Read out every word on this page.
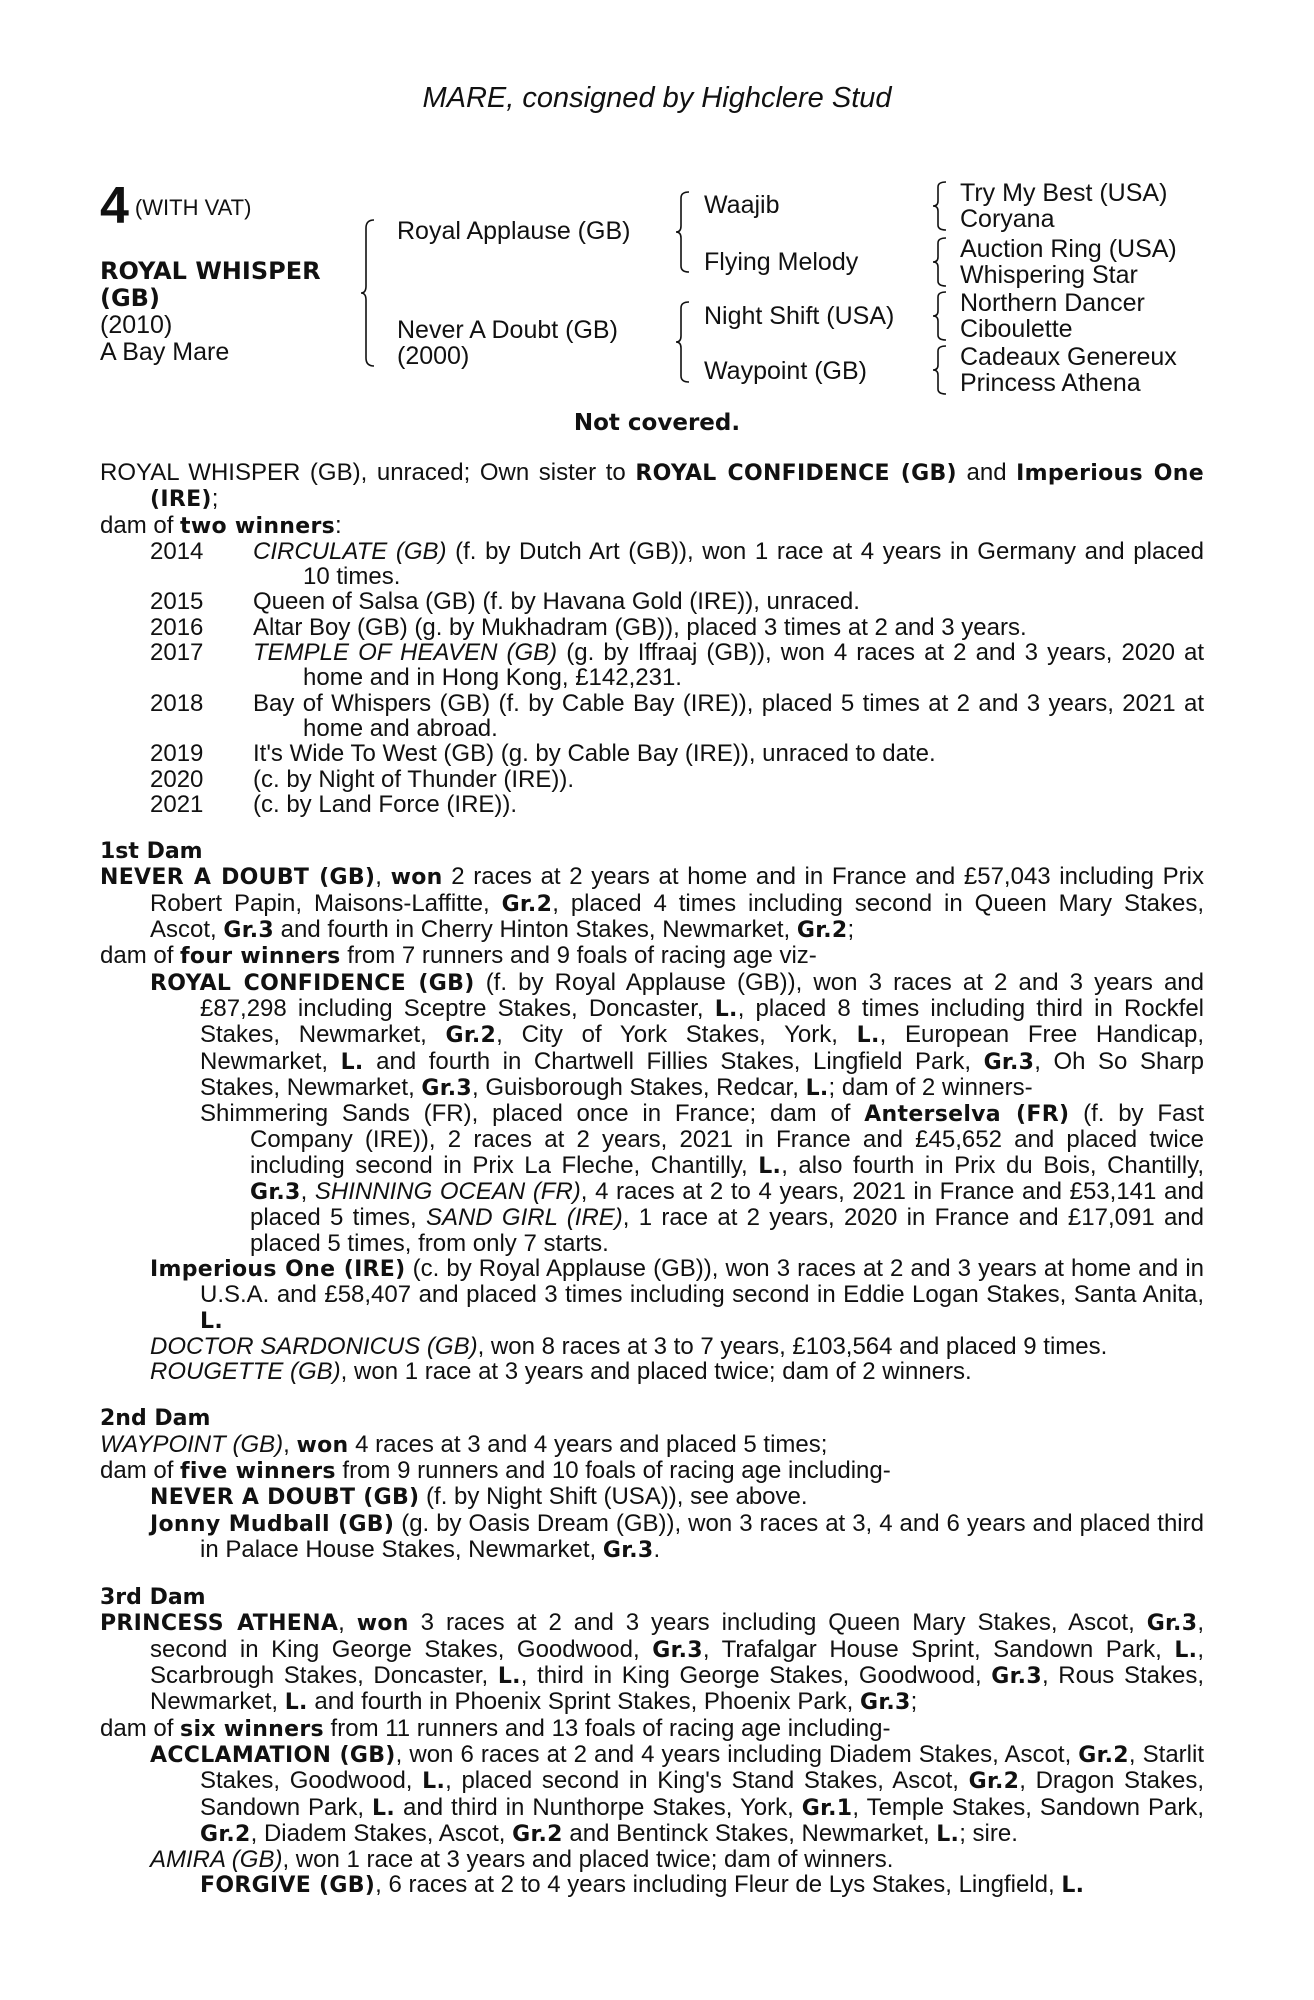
MARE, consigned by Highclere Stud
4 (WITH VAT)
ROYAL WHISPER
(GB)
(2010)
A Bay Mare
Royal Applause (GB)
Never A Doubt (GB)
(2000)
Waajib
Flying Melody
Night Shift (USA)
Waypoint (GB)
Try My Best (USA)
Coryana
Auction Ring (USA)
Whispering Star
Northern Dancer
Ciboulette
Cadeaux Genereux
Princess Athena
Not covered.

ROYAL WHISPER (GB), unraced; Own sister to ROYAL CONFIDENCE (GB) and Imperious One (IRE);

dam of two winners:

2014	CIRCULATE (GB) (f. by Dutch Art (GB)), won 1 race at 4 years in Germany and placed 10 times.
2015	Queen of Salsa (GB) (f. by Havana Gold (IRE)), unraced.
2016	Altar Boy (GB) (g. by Mukhadram (GB)), placed 3 times at 2 and 3 years.
2017	TEMPLE OF HEAVEN (GB) (g. by Iffraaj (GB)), won 4 races at 2 and 3 years, 2020 at home and in Hong Kong, £142,231.
2018	Bay of Whispers (GB) (f. by Cable Bay (IRE)), placed 5 times at 2 and 3 years, 2021 at home and abroad.
2019	It's Wide To West (GB) (g. by Cable Bay (IRE)), unraced to date.
2020	(c. by Night of Thunder (IRE)).
2021	(c. by Land Force (IRE)).

1st Dam

NEVER A DOUBT (GB), won 2 races at 2 years at home and in France and £57,043 including Prix Robert Papin, Maisons-Laffitte, Gr.2, placed 4 times including second in Queen Mary Stakes, Ascot, Gr.3 and fourth in Cherry Hinton Stakes, Newmarket, Gr.2;

dam of four winners from 7 runners and 9 foals of racing age viz-

ROYAL CONFIDENCE (GB) (f. by Royal Applause (GB)), won 3 races at 2 and 3 years and £87,298 including Sceptre Stakes, Doncaster, L., placed 8 times including third in Rockfel Stakes, Newmarket, Gr.2, City of York Stakes, York, L., European Free Handicap, Newmarket, L. and fourth in Chartwell Fillies Stakes, Lingfield Park, Gr.3, Oh So Sharp Stakes, Newmarket, Gr.3, Guisborough Stakes, Redcar, L.; dam of 2 winners-

Shimmering Sands (FR), placed once in France; dam of Anterselva (FR) (f. by Fast Company (IRE)), 2 races at 2 years, 2021 in France and £45,652 and placed twice including second in Prix La Fleche, Chantilly, L., also fourth in Prix du Bois, Chantilly, Gr.3, SHINNING OCEAN (FR), 4 races at 2 to 4 years, 2021 in France and £53,141 and placed 5 times, SAND GIRL (IRE), 1 race at 2 years, 2020 in France and £17,091 and placed 5 times, from only 7 starts.

Imperious One (IRE) (c. by Royal Applause (GB)), won 3 races at 2 and 3 years at home and in U.S.A. and £58,407 and placed 3 times including second in Eddie Logan Stakes, Santa Anita, L.

DOCTOR SARDONICUS (GB), won 8 races at 3 to 7 years, £103,564 and placed 9 times.

ROUGETTE (GB), won 1 race at 3 years and placed twice; dam of 2 winners.

2nd Dam

WAYPOINT (GB), won 4 races at 3 and 4 years and placed 5 times;

dam of five winners from 9 runners and 10 foals of racing age including-

NEVER A DOUBT (GB) (f. by Night Shift (USA)), see above.

Jonny Mudball (GB) (g. by Oasis Dream (GB)), won 3 races at 3, 4 and 6 years and placed third in Palace House Stakes, Newmarket, Gr.3.

3rd Dam

PRINCESS ATHENA, won 3 races at 2 and 3 years including Queen Mary Stakes, Ascot, Gr.3, second in King George Stakes, Goodwood, Gr.3, Trafalgar House Sprint, Sandown Park, L., Scarbrough Stakes, Doncaster, L., third in King George Stakes, Goodwood, Gr.3, Rous Stakes, Newmarket, L. and fourth in Phoenix Sprint Stakes, Phoenix Park, Gr.3;

dam of six winners from 11 runners and 13 foals of racing age including-

ACCLAMATION (GB), won 6 races at 2 and 4 years including Diadem Stakes, Ascot, Gr.2, Starlit Stakes, Goodwood, L., placed second in King's Stand Stakes, Ascot, Gr.2, Dragon Stakes, Sandown Park, L. and third in Nunthorpe Stakes, York, Gr.1, Temple Stakes, Sandown Park, Gr.2, Diadem Stakes, Ascot, Gr.2 and Bentinck Stakes, Newmarket, L.; sire.

AMIRA (GB), won 1 race at 3 years and placed twice; dam of winners.

FORGIVE (GB), 6 races at 2 to 4 years including Fleur de Lys Stakes, Lingfield, L.
